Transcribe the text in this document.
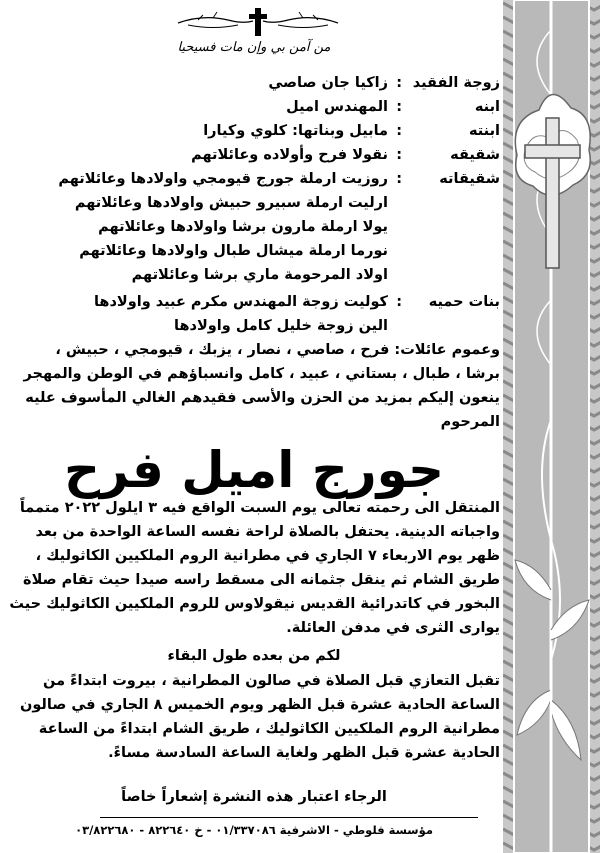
من آمن بي وإن مات فسيحيا
زوجة الفقيد
:
زاكيا جان صاصي
ابنه
:
المهندس اميل
ابنته
:
مابيل وبناتها: كلوي وكيارا
شقيقه
:
نقولا فرح وأولاده وعائلاتهم
شقيقاته
:
روزيت ارملة جورج قيومجي واولادها وعائلاتهم
ارليت ارملة سبيرو حبيش واولادها وعائلاتهم
يولا ارملة مارون برشا واولادها وعائلاتهم
نورما ارملة ميشال طبال واولادها وعائلاتهم
اولاد المرحومة ماري برشا وعائلاتهم
بنات حميه
:
كوليت زوجة المهندس مكرم عبيد واولادها
الين زوجة خليل كامل واولادها
وعموم عائلات: فرح ، صاصي ، نصار ، يزبك ، قيومجي ، حبيش ،
برشا ، طبال ، بستاني ، عبيد ، كامل وانسباؤهم في الوطن والمهجر
ينعون إليكم بمزيد من الحزن والأسى فقيدهم الغالي المأسوف عليه
المرحوم
جورج اميل فرح
المنتقل الى رحمته تعالى يوم السبت الواقع فيه ٣ ايلول ٢٠٢٢ متمماً
واجباته الدينية. يحتفل بالصلاة لراحة نفسه الساعة الواحدة من بعد
ظهر يوم الاربعاء ٧ الجاري في مطرانية الروم الملكيين الكاثوليك ،
طريق الشام ثم ينقل جثمانه الى مسقط راسه صيدا حيث تقام صلاة
البخور في كاتدرائية القديس نيقولاوس للروم الملكيين الكاثوليك حيث
يوارى الثرى في مدفن العائلة.
لكم من بعده طول البقاء
تقبل التعازي قبل الصلاة في صالون المطرانية ، بيروت ابتداءً من
الساعة الحادية عشرة قبل الظهر ويوم الخميس ٨ الجاري في صالون
مطرانية الروم الملكيين الكاثوليك ، طريق الشام ابتداءً من الساعة
الحادية عشرة قبل الظهر ولغاية الساعة السادسة مساءً.
الرجاء اعتبار هذه النشرة إشعاراً خاصاً
مؤسسة فلوطي - الاشرفية ٠١/٣٣٧٠٨٦ - خ ٨٢٢٦٤٠ - ٠٣/٨٢٢٦٨٠
